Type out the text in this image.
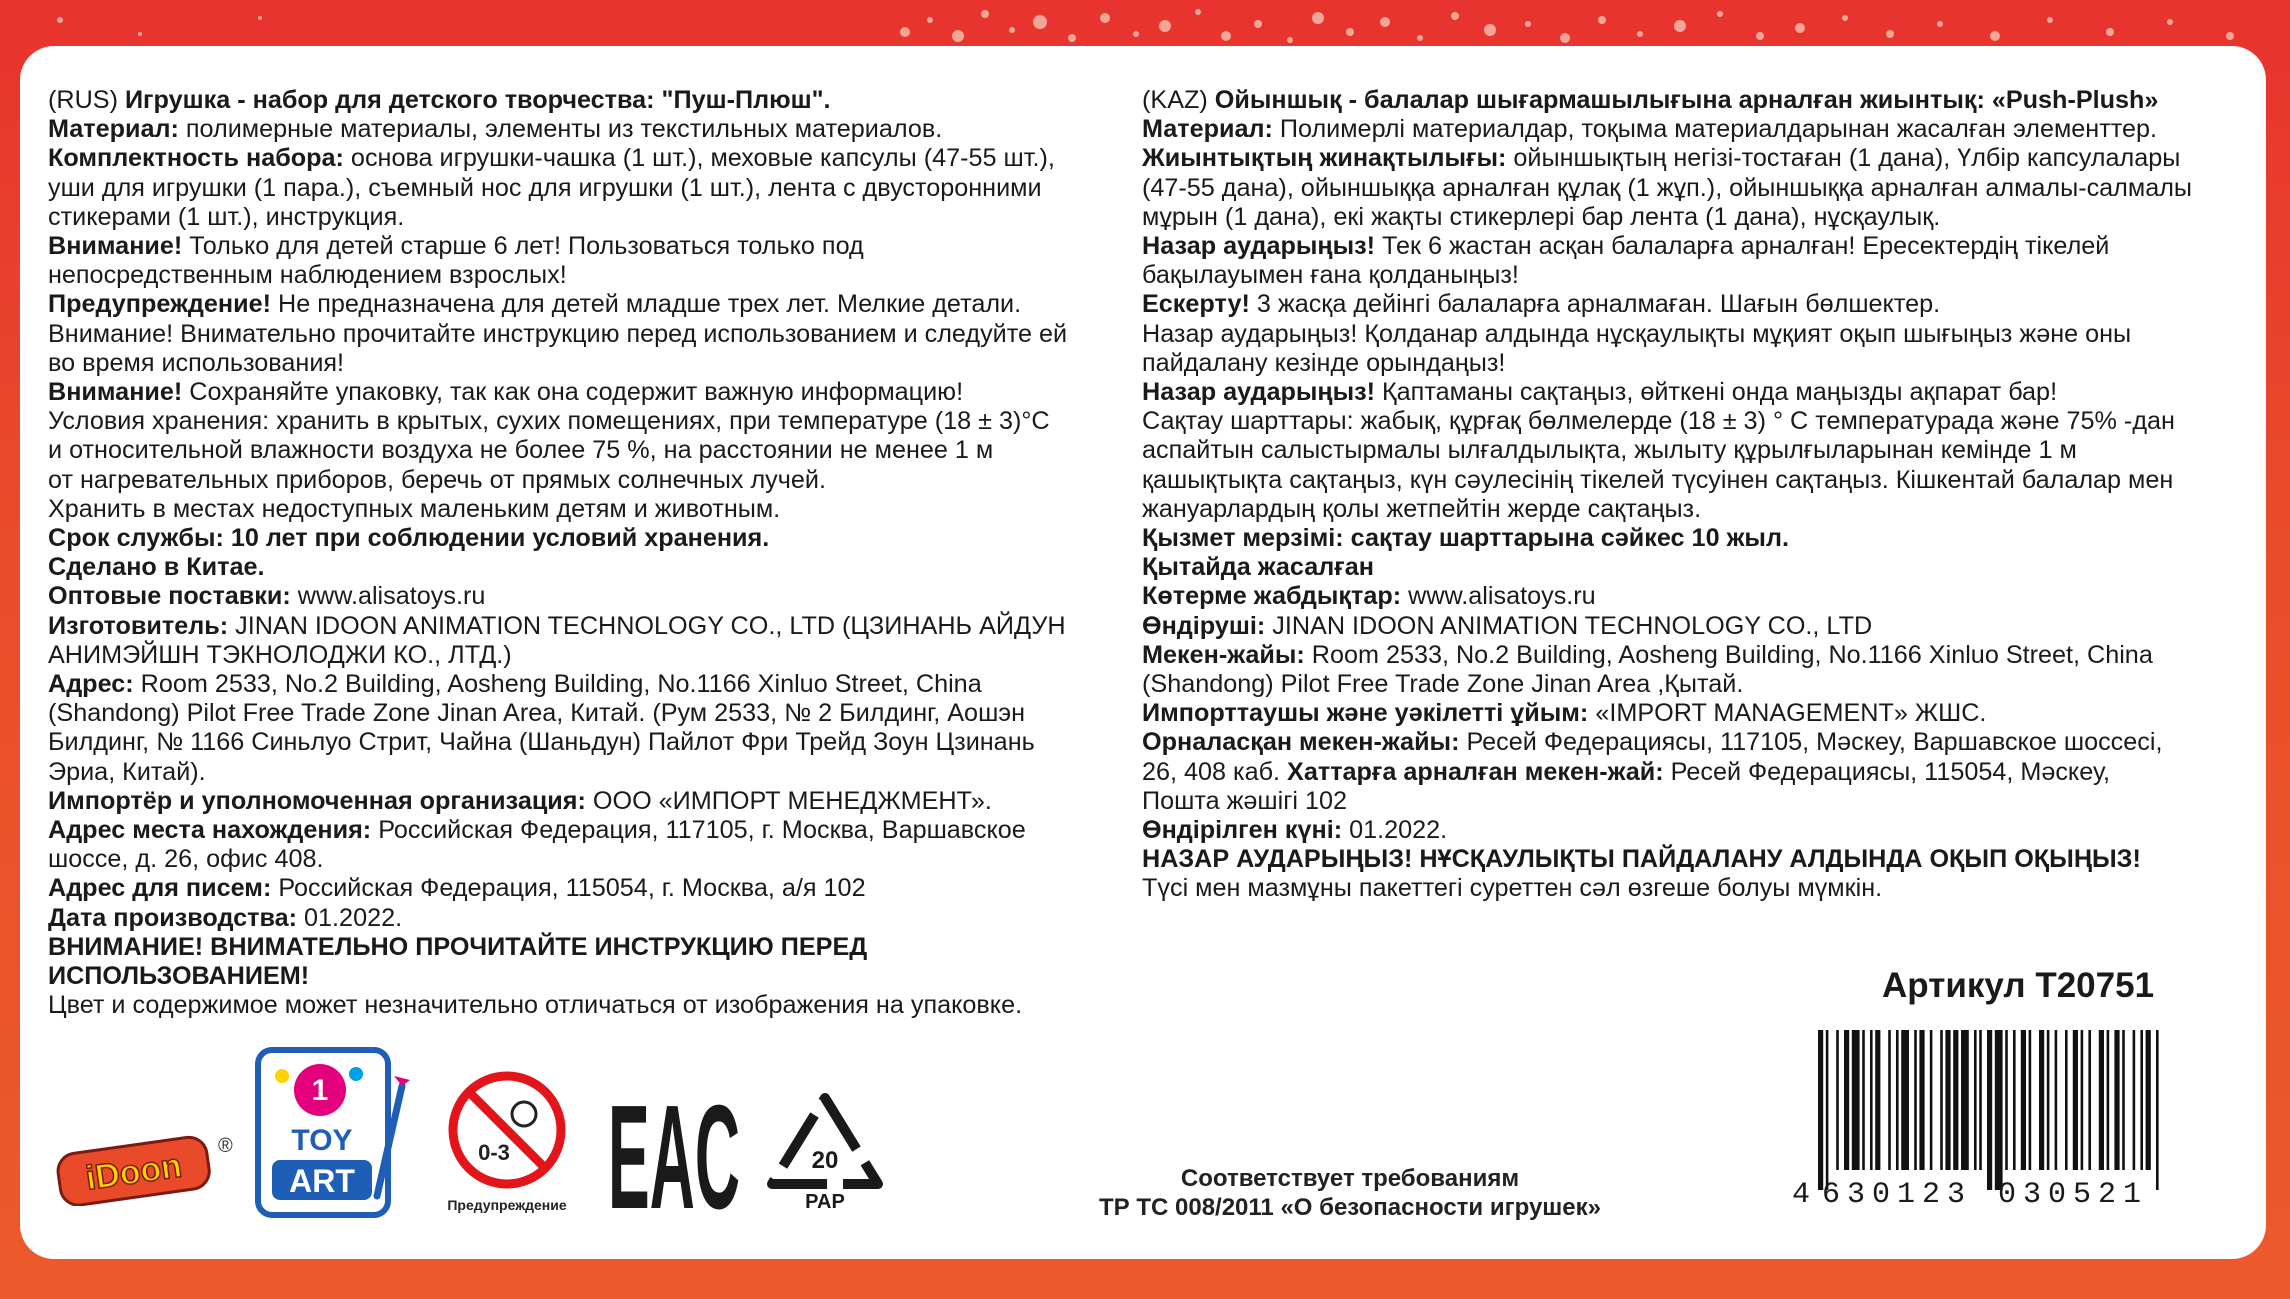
(RUS) Игрушка - набор для детского творчества: "Пуш-Плюш".
Материал: полимерные материалы, элементы из текстильных материалов.
Комплектность набора: основа игрушки-чашка (1 шт.), меховые капсулы (47-55 шт.),
уши для игрушки (1 пара.), съемный нос для игрушки (1 шт.), лента с двусторонними
стикерами (1 шт.), инструкция.
Внимание! Только для детей старше 6 лет! Пользоваться только под
непосредственным наблюдением взрослых!
Предупреждение! Не предназначена для детей младше трех лет. Мелкие детали.
Внимание! Внимательно прочитайте инструкцию перед использованием и следуйте ей
во время использования!
Внимание! Сохраняйте упаковку, так как она содержит важную информацию!
Условия хранения: хранить в крытых, сухих помещениях, при температуре (18 ± 3)°C
и относительной влажности воздуха не более 75 %, на расстоянии не менее 1 м
от нагревательных приборов, беречь от прямых солнечных лучей.
Хранить в местах недоступных маленьким детям и животным.
Срок службы: 10 лет при соблюдении условий хранения.
Сделано в Китае.
Оптовые поставки: www.alisatoys.ru
Изготовитель: JINAN IDOON ANIMATION TECHNOLOGY CO., LTD (ЦЗИНАНЬ АЙДУН
АНИМЭЙШН ТЭКНОЛОДЖИ КО., ЛТД.)
Адрес: Room 2533, No.2 Building, Aosheng Building, No.1166 Xinluo Street, China
(Shandong) Pilot Free Trade Zone Jinan Area, Китай. (Рум 2533, № 2 Билдинг, Аошэн
Билдинг, № 1166 Синьлуо Стрит, Чайна (Шаньдун) Пайлот Фри Трейд Зоун Цзинань
Эриа, Китай).
Импортёр и уполномоченная организация: ООО «ИМПОРТ МЕНЕДЖМЕНТ».
Адрес места нахождения: Российская Федерация, 117105, г. Москва, Варшавское
шоссе, д. 26, офис 408.
Адрес для писем: Российская Федерация, 115054, г. Москва, а/я 102
Дата производства: 01.2022.
ВНИМАНИЕ! ВНИМАТЕЛЬНО ПРОЧИТАЙТЕ ИНСТРУКЦИЮ ПЕРЕД
ИСПОЛЬЗОВАНИЕМ!
Цвет и содержимое может незначительно отличаться от изображения на упаковке.
(KAZ) Ойыншық - балалар шығармашылығына арналған жиынтық: «Push-Plush»
Материал: Полимерлі материалдар, тоқыма материалдарынан жасалған элементтер.
Жиынтықтың жинақтылығы: ойыншықтың негізі-тостаған (1 дана), Үлбір капсулалары
(47-55 дана), ойыншыққа арналған құлақ (1 жұп.), ойыншыққа арналған алмалы-салмалы
мұрын (1 дана), екі жақты стикерлері бар лента (1 дана), нұсқаулық.
Назар аударыңыз! Тек 6 жастан асқан балаларға арналған! Ересектердің тікелей
бақылауымен ғана қолданыңыз!
Ескерту! 3 жасқа дейінгі балаларға арналмаған. Шағын бөлшектер.
Назар аударыңыз! Қолданар алдында нұсқаулықты мұқият оқып шығыңыз және оны
пайдалану кезінде орындаңыз!
Назар аударыңыз! Қаптаманы сақтаңыз, өйткені онда маңызды ақпарат бар!
Сақтау шарттары: жабық, құрғақ бөлмелерде (18 ± 3) ° С температурада және 75% -дан
аспайтын салыстырмалы ылғалдылықта, жылыту құрылғыларынан кемінде 1 м
қашықтықта сақтаңыз, күн сәулесінің тікелей түсуінен сақтаңыз. Кішкентай балалар мен
жануарлардың қолы жетпейтін жерде сақтаңыз.
Қызмет мерзімі: сақтау шарттарына сәйкес 10 жыл.
Қытайда жасалған
Көтерме жабдықтар: www.alisatoys.ru
Өндіруші: JINAN IDOON ANIMATION TECHNOLOGY CO., LTD
Мекен-жайы: Room 2533, No.2 Building, Aosheng Building, No.1166 Xinluo Street, China
(Shandong) Pilot Free Trade Zone Jinan Area ,Қытай.
Импорттаушы және уәкілетті ұйым: «IMPORT MANAGEMENT» ЖШС.
Орналасқан мекен-жайы: Ресей Федерациясы, 117105, Мәскеу, Варшавское шоссесі,
26, 408 каб. Хаттарға арналған мекен-жай: Ресей Федерациясы, 115054, Мәскеу,
Пошта жәшігі 102
Өндірілген күні: 01.2022.
НАЗАР АУДАРЫҢЫЗ! НҰСҚАУЛЫҚТЫ ПАЙДАЛАНУ АЛДЫНДА ОҚЫП ОҚЫҢЫЗ!
Түсі мен мазмұны пакеттегі суреттен сәл өзгеше болуы мүмкін.
iDoon
®
1
TOY
ART
0-3
Предупреждение EAC	20
PAP
Соответствует требованиям
ТР ТС 008/2011 «О безопасности игрушек»
Артикул Т20751
4 630123 030521
